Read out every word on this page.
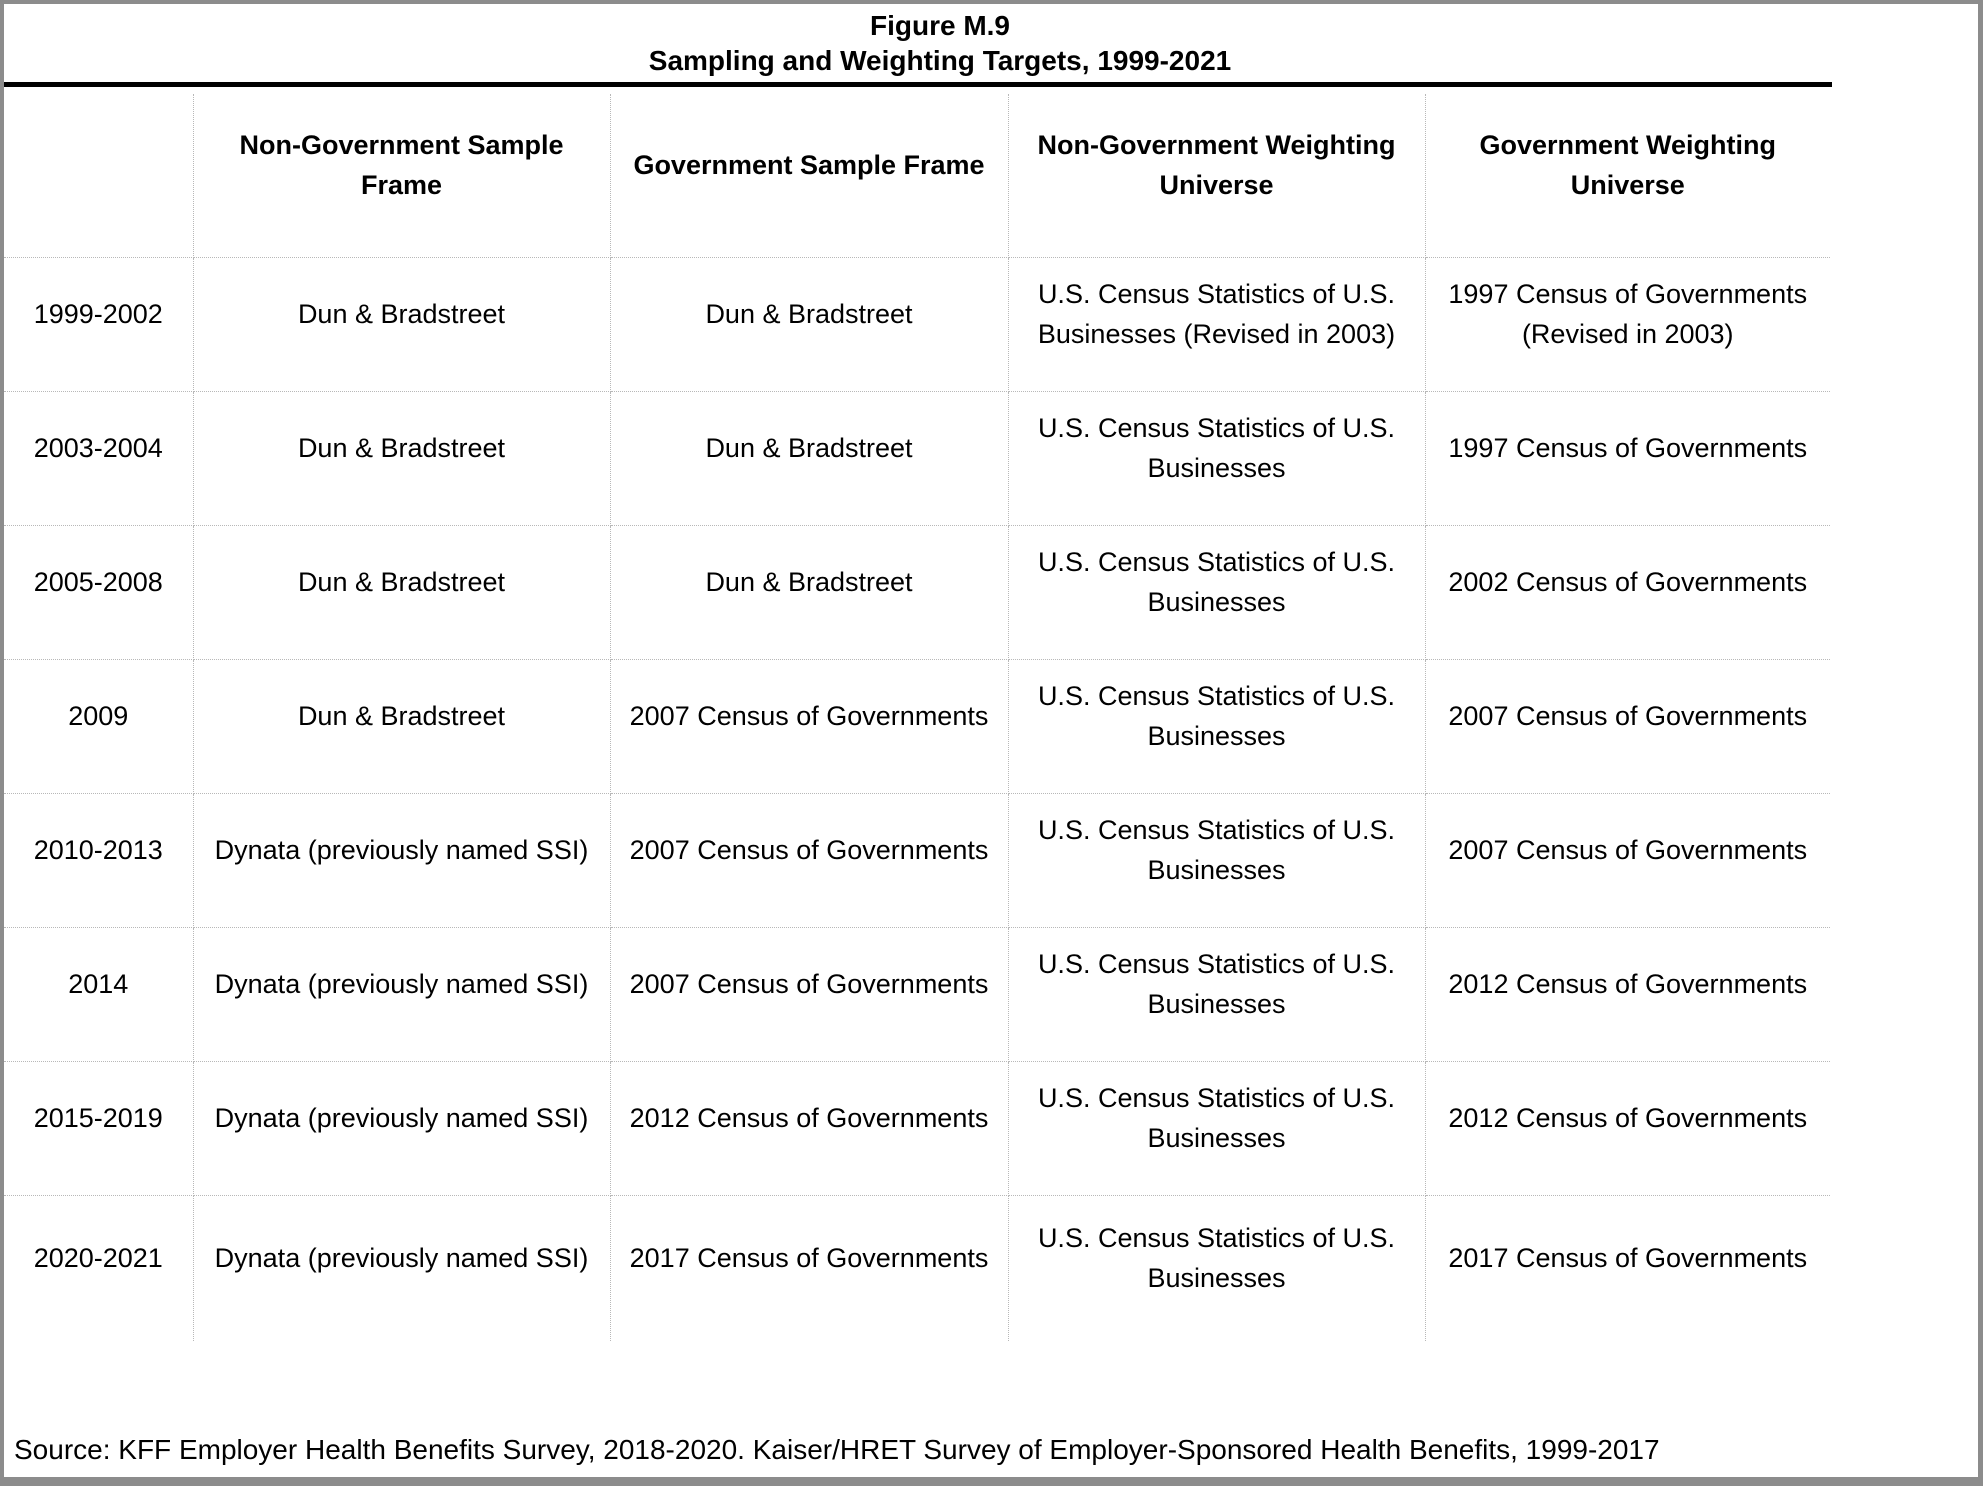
Figure M.9
Sampling and Weighting Targets, 1999-2021
	Non-Government Sample Frame	Government Sample Frame	Non-Government Weighting Universe	Government Weighting Universe
1999-2002	Dun & Bradstreet	Dun & Bradstreet	U.S. Census Statistics of U.S. Businesses (Revised in 2003)	1997 Census of Governments (Revised in 2003)
2003-2004	Dun & Bradstreet	Dun & Bradstreet	U.S. Census Statistics of U.S. Businesses	1997 Census of Governments
2005-2008	Dun & Bradstreet	Dun & Bradstreet	U.S. Census Statistics of U.S. Businesses	2002 Census of Governments
2009	Dun & Bradstreet	2007 Census of Governments	U.S. Census Statistics of U.S. Businesses	2007 Census of Governments
2010-2013	Dynata (previously named SSI)	2007 Census of Governments	U.S. Census Statistics of U.S. Businesses	2007 Census of Governments
2014	Dynata (previously named SSI)	2007 Census of Governments	U.S. Census Statistics of U.S. Businesses	2012 Census of Governments
2015-2019	Dynata (previously named SSI)	2012 Census of Governments	U.S. Census Statistics of U.S. Businesses	2012 Census of Governments
2020-2021	Dynata (previously named SSI)	2017 Census of Governments	U.S. Census Statistics of U.S. Businesses	2017 Census of Governments
Source: KFF Employer Health Benefits Survey, 2018-2020. Kaiser/HRET Survey of Employer-Sponsored Health Benefits, 1999-2017
